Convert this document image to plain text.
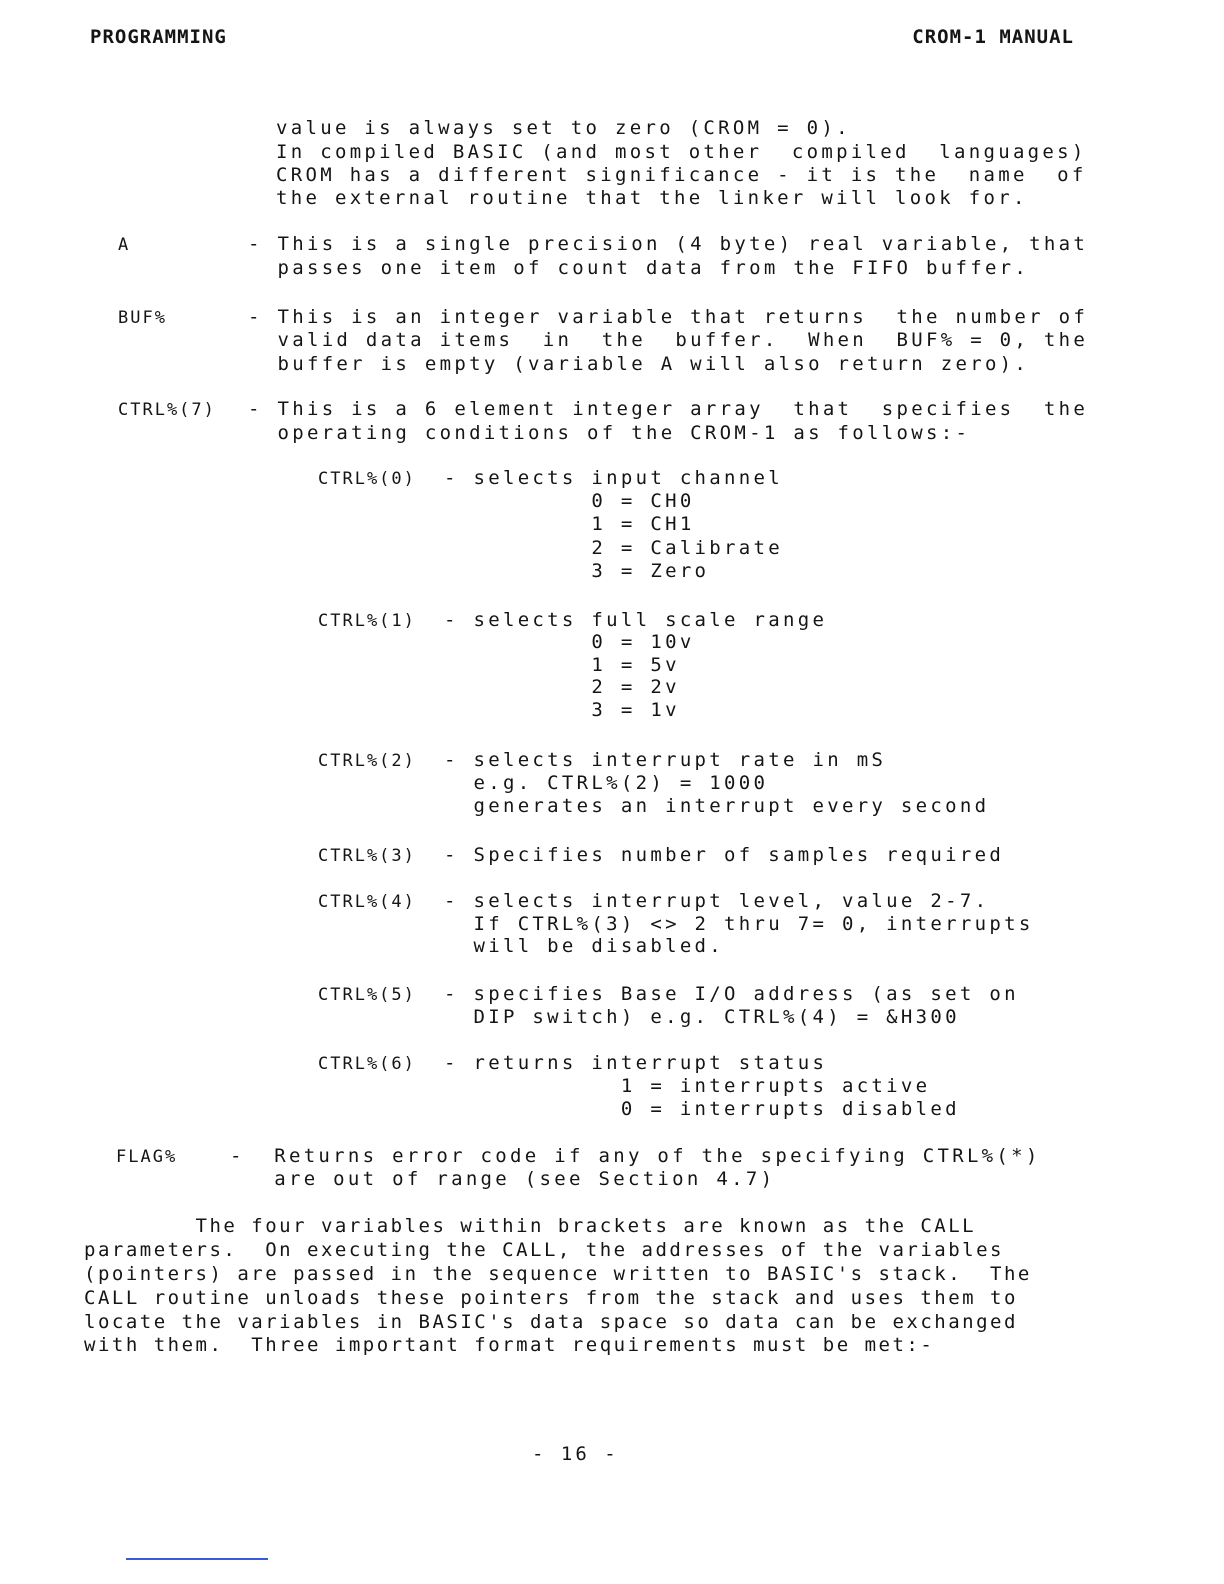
PROGRAMMING	CROM-1 MANUAL
value is always set to zero (CROM = 0).
In compiled BASIC (and most other  compiled  languages)
CROM has a different significance - it is the  name  of
the external routine that the linker will look for.
A	- This is a single precision (4 byte) real variable, that
passes one item of count data from the FIFO buffer.
BUF%	- This is an integer variable that returns  the number of
valid data items  in  the  buffer.  When  BUF% = 0, the
buffer is empty (variable A will also return zero).
CTRL%(7) - This is a 6 element integer array  that  specifies  the
operating conditions of the CROM-1 as follows:-
CTRL%(0) - selects input channel
0 = CH0
1 = CH1
2 = Calibrate
3 = Zero
CTRL%(1) - selects full scale range
0 = 10v
1 = 5v
2 = 2v
3 = 1v
CTRL%(2) - selects interrupt rate in mS
e.g. CTRL%(2) = 1000
generates an interrupt every second
CTRL%(3) - Specifies number of samples required
CTRL%(4) - selects interrupt level, value 2-7.
If CTRL%(3) <> 2 thru 7= 0, interrupts
will be disabled.
CTRL%(5) - specifies Base I/O address (as set on
DIP switch) e.g. CTRL%(4) = &H300
CTRL%(6) - returns interrupt status
1 = interrupts active
0 = interrupts disabled
FLAG%	-  Returns error code if any of the specifying CTRL%(*)
are out of range (see Section 4.7)
The four variables within brackets are known as the CALL
parameters.  On executing the CALL, the addresses of the variables
(pointers) are passed in the sequence written to BASIC's stack.  The
CALL routine unloads these pointers from the stack and uses them to
locate the variables in BASIC's data space so data can be exchanged
with them.  Three important format requirements must be met:-
- 16 -
